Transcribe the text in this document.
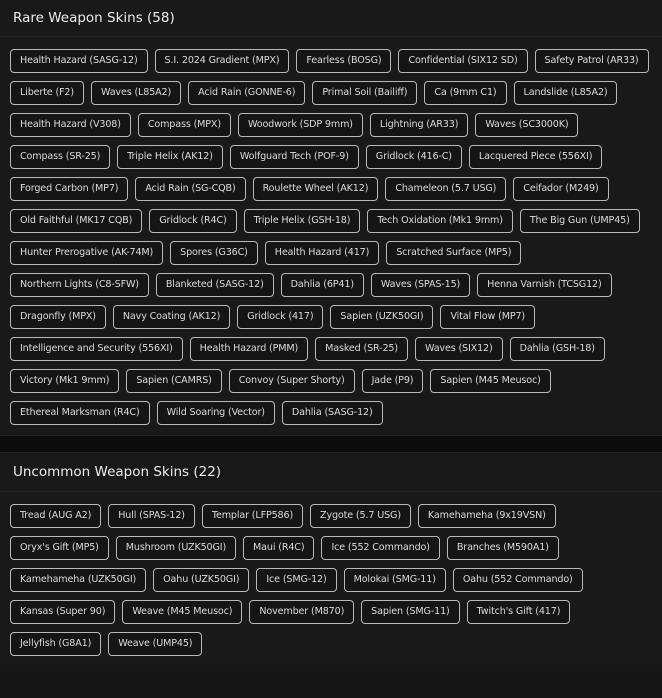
Rare Weapon Skins (58)
Health Hazard (SASG-12)	S.I. 2024 Gradient (MPX)	Fearless (BOSG)	Confidential (SIX12 SD)	Safety Patrol (AR33)
Liberte (F2)	Waves (L85A2)	Acid Rain (GONNE-6)	Primal Soil (Bailiff)	Ca (9mm C1)	Landslide (L85A2)
Health Hazard (V308)	Compass (MPX)	Woodwork (SDP 9mm)	Lightning (AR33)	Waves (SC3000K)
Compass (SR-25)	Triple Helix (AK12)	Wolfguard Tech (POF-9)	Gridlock (416-C)	Lacquered Piece (556XI)
Forged Carbon (MP7)	Acid Rain (SG-CQB)	Roulette Wheel (AK12)	Chameleon (5.7 USG)	Ceifador (M249)
Old Faithful (MK17 CQB)	Gridlock (R4C)	Triple Helix (GSH-18)	Tech Oxidation (Mk1 9mm)	The Big Gun (UMP45)
Hunter Prerogative (AK-74M)	Spores (G36C)	Health Hazard (417)	Scratched Surface (MP5)
Northern Lights (C8-SFW)	Blanketed (SASG-12)	Dahlia (6P41)	Waves (SPAS-15)	Henna Varnish (TCSG12)
Dragonfly (MPX)	Navy Coating (AK12)	Gridlock (417)	Sapien (UZK50GI)	Vital Flow (MP7)
Intelligence and Security (556XI)	Health Hazard (PMM)	Masked (SR-25)	Waves (SIX12)	Dahlia (GSH-18)
Victory (Mk1 9mm)	Sapien (CAMRS)	Convoy (Super Shorty)	Jade (P9)	Sapien (M45 Meusoc)
Ethereal Marksman (R4C)	Wild Soaring (Vector)	Dahlia (SASG-12)
Uncommon Weapon Skins (22)
Tread (AUG A2)	Hull (SPAS-12)	Templar (LFP586)	Zygote (5.7 USG)	Kamehameha (9x19VSN)
Oryx's Gift (MP5)	Mushroom (UZK50GI)	Maui (R4C)	Ice (552 Commando)	Branches (M590A1)
Kamehameha (UZK50GI)	Oahu (UZK50GI)	Ice (SMG-12)	Molokai (SMG-11)	Oahu (552 Commando)
Kansas (Super 90)	Weave (M45 Meusoc)	November (M870)	Sapien (SMG-11)	Twitch's Gift (417)
Jellyfish (G8A1)	Weave (UMP45)
